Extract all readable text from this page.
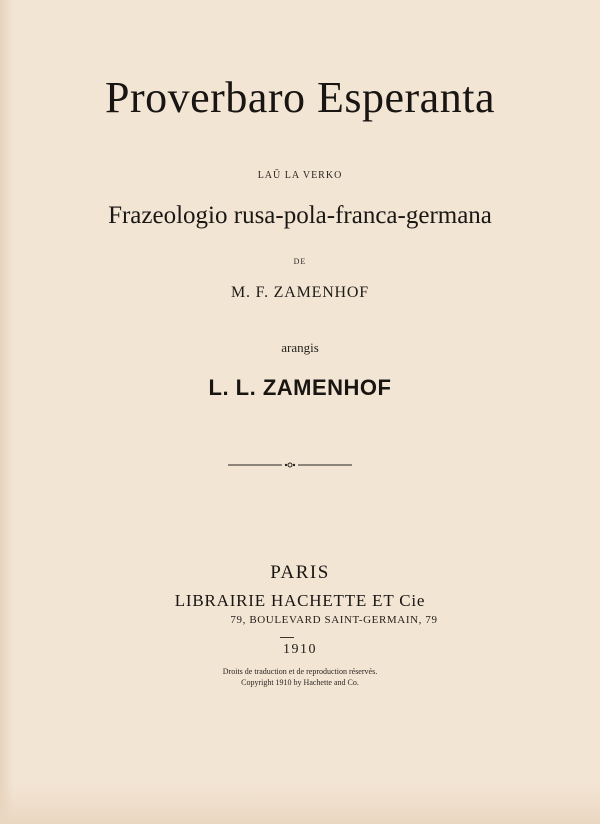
Proverbaro Esperanta
LAŬ LA VERKO
Frazeologio rusa-pola-franca-germana
DE
M. F. ZAMENHOF
arangis
L. L. ZAMENHOF
PARIS
LIBRAIRIE HACHETTE ET Cie
79, BOULEVARD SAINT-GERMAIN, 79
1910
Droits de traduction et de reproduction réservés.
Copyright 1910 by Hachette and Co.
